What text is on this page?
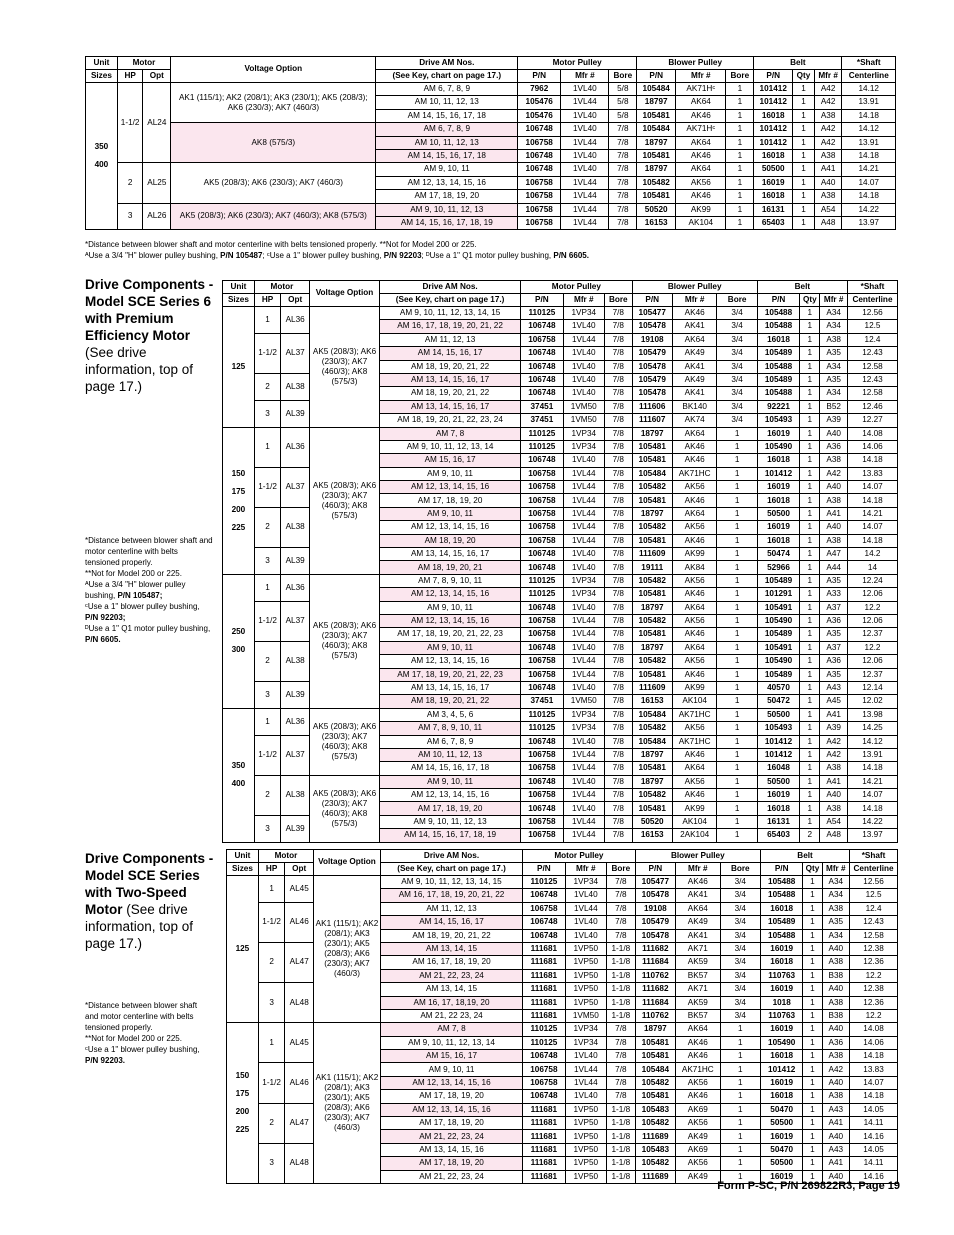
Unit	Motor		Voltage Option	Drive AM Nos.	Motor Pulley			Blower Pulley			Belt			*Shaft
Sizes	HP	Opt		(See Key, chart on page 17.)	P/N	Mfr #	Bore	P/N	Mfr #	Bore	P/N	Qty	Mfr #	Centerline
350
400	1-1/2	AL24	AK1 (115/1); AK2 (208/1); AK3 (230/1); AK5 (208/3); AK6 (230/3); AK7 (460/3)	AM 6, 7, 8, 9	7962	1VL40	5/8	105484	AK71Hᶜ	1	101412	1	A42	14.12
				AM 10, 11, 12, 13	105476	1VL44	5/8	18797	AK64	1	101412	1	A42	13.91
				AM 14, 15, 16, 17, 18	105476	1VL40	5/8	105481	AK46	1	16018	1	A38	14.18
			AK8 (575/3)	AM 6, 7, 8, 9	106748	1VL40	7/8	105484	AK71Hᶜ	1	101412	1	A42	14.12
				AM 10, 11, 12, 13	106758	1VL44	7/8	18797	AK64	1	101412	1	A42	13.91
				AM 14, 15, 16, 17, 18	106748	1VL40	7/8	105481	AK46	1	16018	1	A38	14.18
	2	AL25	AK5 (208/3); AK6 (230/3); AK7 (460/3)	AM 9, 10, 11	106748	1VL40	7/8	18797	AK64	1	50500	1	A41	14.21
				AM 12, 13, 14, 15, 16	106758	1VL44	7/8	105482	AK56	1	16019	1	A40	14.07
				AM 17, 18, 19, 20	106758	1VL44	7/8	105481	AK46	1	16018	1	A38	14.18
	3	AL26	AK5 (208/3); AK6 (230/3); AK7 (460/3); AK8 (575/3)	AM 9, 10, 11, 12, 13	106758	1VL44	7/8	50520	AK99	1	16131	1	A54	14.22
				AM 14, 15, 16, 17, 18, 19	106758	1VL44	7/8	16153	AK104	1	65403	1	A48	13.97
*Distance between blower shaft and motor centerline with belts tensioned properly. **Not for Model 200 or 225.
ᴬUse a 3/4 "H" blower pulley bushing, P/N 105487; ᶜUse a 1" blower pulley bushing, P/N 92203; ᴰUse a 1" Q1 motor pulley bushing, P/N 6605.
Drive Components - Model SCE Series 6 with Premium Efficiency Motor (See drive information, top of page 17.)

*Distance between blower shaft and motor centerline with belts tensioned properly.

**Not for Model 200 or 225.

ᴬUse a 3/4 "H" blower pulley bushing, P/N 105487;

ᶜUse a 1" blower pulley bushing, P/N 92203;

ᴰUse a 1" Q1 motor pulley bushing, P/N 6605.

Unit	Motor		Voltage Option	Drive AM Nos.	Motor Pulley			Blower Pulley			Belt			*Shaft
Sizes	HP	Opt		(See Key, chart on page 17.)	P/N	Mfr #	Bore	P/N	Mfr #	Bore	P/N	Qty	Mfr #	Centerline
125	1	AL36	AK5 (208/3); AK6 (230/3); AK7 (460/3); AK8 (575/3)	AM 9, 10, 11, 12, 13, 14, 15	110125	1VP34	7/8	105477	AK46	3/4	105488	1	A34	12.56
				AM 16, 17, 18, 19, 20, 21, 22	106748	1VL40	7/8	105478	AK41	3/4	105488	1	A34	12.5
	1-1/2	AL37		AM 11, 12, 13	106758	1VL44	7/8	19108	AK64	3/4	16018	1	A38	12.4
				AM 14, 15, 16, 17	106748	1VL40	7/8	105479	AK49	3/4	105489	1	A35	12.43
				AM 18, 19, 20, 21, 22	106748	1VL40	7/8	105478	AK41	3/4	105488	1	A34	12.58
	2	AL38		AM 13, 14, 15, 16, 17	106748	1VL40	7/8	105479	AK49	3/4	105489	1	A35	12.43
				AM 18, 19, 20, 21, 22	106748	1VL40	7/8	105478	AK41	3/4	105488	1	A34	12.58
	3	AL39		AM 13, 14, 15, 16, 17	37451	1VM50	7/8	111606	BK140	3/4	92221	1	B52	12.46
				AM 18, 19, 20, 21, 22, 23, 24	37451	1VM50	7/8	111607	AK74	3/4	105493	1	A39	12.27
150
175
200
225	1	AL36	AK5 (208/3); AK6 (230/3); AK7 (460/3); AK8 (575/3)	AM 7, 8	110125	1VP34	7/8	18797	AK64	1	16019	1	A40	14.08
				AM 9, 10, 11, 12, 13, 14	110125	1VP34	7/8	105481	AK46	1	105490	1	A36	14.06
				AM 15, 16, 17	106748	1VL40	7/8	105481	AK46	1	16018	1	A38	14.18
	1-1/2	AL37		AM 9, 10, 11	106758	1VL44	7/8	105484	AK71HC	1	101412	1	A42	13.83
				AM 12, 13, 14, 15, 16	106758	1VL44	7/8	105482	AK56	1	16019	1	A40	14.07
				AM 17, 18, 19, 20	106758	1VL44	7/8	105481	AK46	1	16018	1	A38	14.18
	2	AL38		AM 9, 10, 11	106758	1VL44	7/8	18797	AK64	1	50500	1	A41	14.21
				AM 12, 13, 14, 15, 16	106758	1VL44	7/8	105482	AK56	1	16019	1	A40	14.07
				AM 18, 19, 20	106758	1VL44	7/8	105481	AK46	1	16018	1	A38	14.18
	3	AL39		AM 13, 14, 15, 16, 17	106748	1VL40	7/8	111609	AK99	1	50474	1	A47	14.2
				AM 18, 19, 20, 21	106748	1VL40	7/8	19111	AK84	1	52966	1	A44	14
250
300	1	AL36	AK5 (208/3); AK6 (230/3); AK7 (460/3); AK8 (575/3)	AM 7, 8, 9, 10, 11	110125	1VP34	7/8	105482	AK56	1	105489	1	A35	12.24
				AM 12, 13, 14, 15, 16	110125	1VP34	7/8	105481	AK46	1	101291	1	A33	12.06
	1-1/2	AL37		AM 9, 10, 11	106748	1VL40	7/8	18797	AK64	1	105491	1	A37	12.2
				AM 12, 13, 14, 15, 16	106758	1VL44	7/8	105482	AK56	1	105490	1	A36	12.06
				AM 17, 18, 19, 20, 21, 22, 23	106758	1VL44	7/8	105481	AK46	1	105489	1	A35	12.37
	2	AL38		AM 9, 10, 11	106748	1VL40	7/8	18797	AK64	1	105491	1	A37	12.2
				AM 12, 13, 14, 15, 16	106758	1VL44	7/8	105482	AK56	1	105490	1	A36	12.06
				AM 17, 18, 19, 20, 21, 22, 23	106758	1VL44	7/8	105481	AK46	1	105489	1	A35	12.37
	3	AL39		AM 13, 14, 15, 16, 17	106748	1VL40	7/8	111609	AK99	1	40570	1	A43	12.14
				AM 18, 19, 20, 21, 22	37451	1VM50	7/8	16153	AK104	1	50472	1	A45	12.02
350
400	1	AL36	AK5 (208/3); AK6 (230/3); AK7 (460/3); AK8 (575/3)	AM 3, 4, 5, 6	110125	1VP34	7/8	105484	AK71HC	1	50500	1	A41	13.98
				AM 7, 8, 9, 10, 11	110125	1VP34	7/8	105482	AK56	1	105493	1	A39	14.25
	1-1/2	AL37		AM 6, 7, 8, 9	106748	1VL40	7/8	105484	AK71HC	1	101412	1	A42	14.12
				AM 10, 11, 12, 13	106758	1VL44	7/8	18797	AK46	1	101412	1	A42	13.91
				AM 14, 15, 16, 17, 18	106758	1VL44	7/8	105481	AK64	1	16048	1	A38	14.18
	2	AL38	AK5 (208/3); AK6 (230/3); AK7 (460/3); AK8 (575/3)	AM 9, 10, 11	106748	1VL40	7/8	18797	AK56	1	50500	1	A41	14.21
				AM 12, 13, 14, 15, 16	106758	1VL44	7/8	105482	AK46	1	16019	1	A40	14.07
				AM 17, 18, 19, 20	106748	1VL40	7/8	105481	AK99	1	16018	1	A38	14.18
	3	AL39		AM 9, 10, 11, 12, 13	106758	1VL44	7/8	50520	AK104	1	16131	1	A54	14.22
				AM 14, 15, 16, 17, 18, 19	106758	1VL44	7/8	16153	2AK104	1	65403	2	A48	13.97
Drive Components - Model SCE Series with Two-Speed Motor (See drive information, top of page 17.)

*Distance between blower shaft and motor centerline with belts tensioned properly.

**Not for Model 200 or 225.

ᶜUse a 1" blower pulley bushing, P/N 92203.

Unit	Motor		Voltage Option	Drive AM Nos.	Motor Pulley			Blower Pulley			Belt			*Shaft
Sizes	HP	Opt		(See Key, chart on page 17.)	P/N	Mfr #	Bore	P/N	Mfr #	Bore	P/N	Qty	Mfr #	Centerline
125	1	AL45	AK1 (115/1); AK2 (208/1); AK3 (230/1); AK5 (208/3); AK6 (230/3); AK7 (460/3)	AM 9, 10, 11, 12, 13, 14, 15	110125	1VP34	7/8	105477	AK46	3/4	105488	1	A34	12.56
				AM 16, 17, 18, 19, 20, 21, 22	106748	1VL40	7/8	105478	AK41	3/4	105488	1	A34	12.5
	1-1/2	AL46		AM 11, 12, 13	106758	1VL44	7/8	19108	AK64	3/4	16018	1	A38	12.4
				AM 14, 15, 16, 17	106748	1VL40	7/8	105479	AK49	3/4	105489	1	A35	12.43
				AM 18, 19, 20, 21, 22	106748	1VL40	7/8	105478	AK41	3/4	105488	1	A34	12.58
	2	AL47		AM 13, 14, 15	111681	1VP50	1-1/8	111682	AK71	3/4	16019	1	A40	12.38
				AM 16, 17, 18, 19, 20	111681	1VP50	1-1/8	111684	AK59	3/4	16018	1	A38	12.36
				AM 21, 22, 23, 24	111681	1VP50	1-1/8	110762	BK57	3/4	110763	1	B38	12.2
	3	AL48		AM 13, 14, 15	111681	1VP50	1-1/8	111682	AK71	3/4	16019	1	A40	12.38
				AM 16, 17, 18,19, 20	111681	1VP50	1-1/8	111684	AK59	3/4	1018	1	A38	12.36
				AM 21, 22 23, 24	111681	1VM50	1-1/8	110762	BK57	3/4	110763	1	B38	12.2
150
175
200
225	1	AL45	AK1 (115/1); AK2 (208/1); AK3 (230/1); AK5 (208/3); AK6 (230/3); AK7 (460/3)	AM 7, 8	110125	1VP34	7/8	18797	AK64	1	16019	1	A40	14.08
				AM 9, 10, 11, 12, 13, 14	110125	1VP34	7/8	105481	AK46	1	105490	1	A36	14.06
				AM 15, 16, 17	106748	1VL40	7/8	105481	AK46	1	16018	1	A38	14.18
	1-1/2	AL46		AM 9, 10, 11	106758	1VL44	7/8	105484	AK71HC	1	101412	1	A42	13.83
				AM 12, 13, 14, 15, 16	106758	1VL44	7/8	105482	AK56	1	16019	1	A40	14.07
				AM 17, 18, 19, 20	106748	1VL40	7/8	105481	AK46	1	16018	1	A38	14.18
	2	AL47		AM 12, 13, 14, 15, 16	111681	1VP50	1-1/8	105483	AK69	1	50470	1	A43	14.05
				AM 17, 18, 19, 20	111681	1VP50	1-1/8	105482	AK56	1	50500	1	A41	14.11
				AM 21, 22, 23, 24	111681	1VP50	1-1/8	111689	AK49	1	16019	1	A40	14.16
	3	AL48		AM 13, 14, 15, 16	111681	1VP50	1-1/8	105483	AK69	1	50470	1	A43	14.05
				AM 17, 18, 19, 20	111681	1VP50	1-1/8	105482	AK56	1	50500	1	A41	14.11
				AM 21, 22, 23, 24	111681	1VP50	1-1/8	111689	AK49	1	16019	1	A40	14.16
Form P-SC, P/N 269822R3, Page 19
